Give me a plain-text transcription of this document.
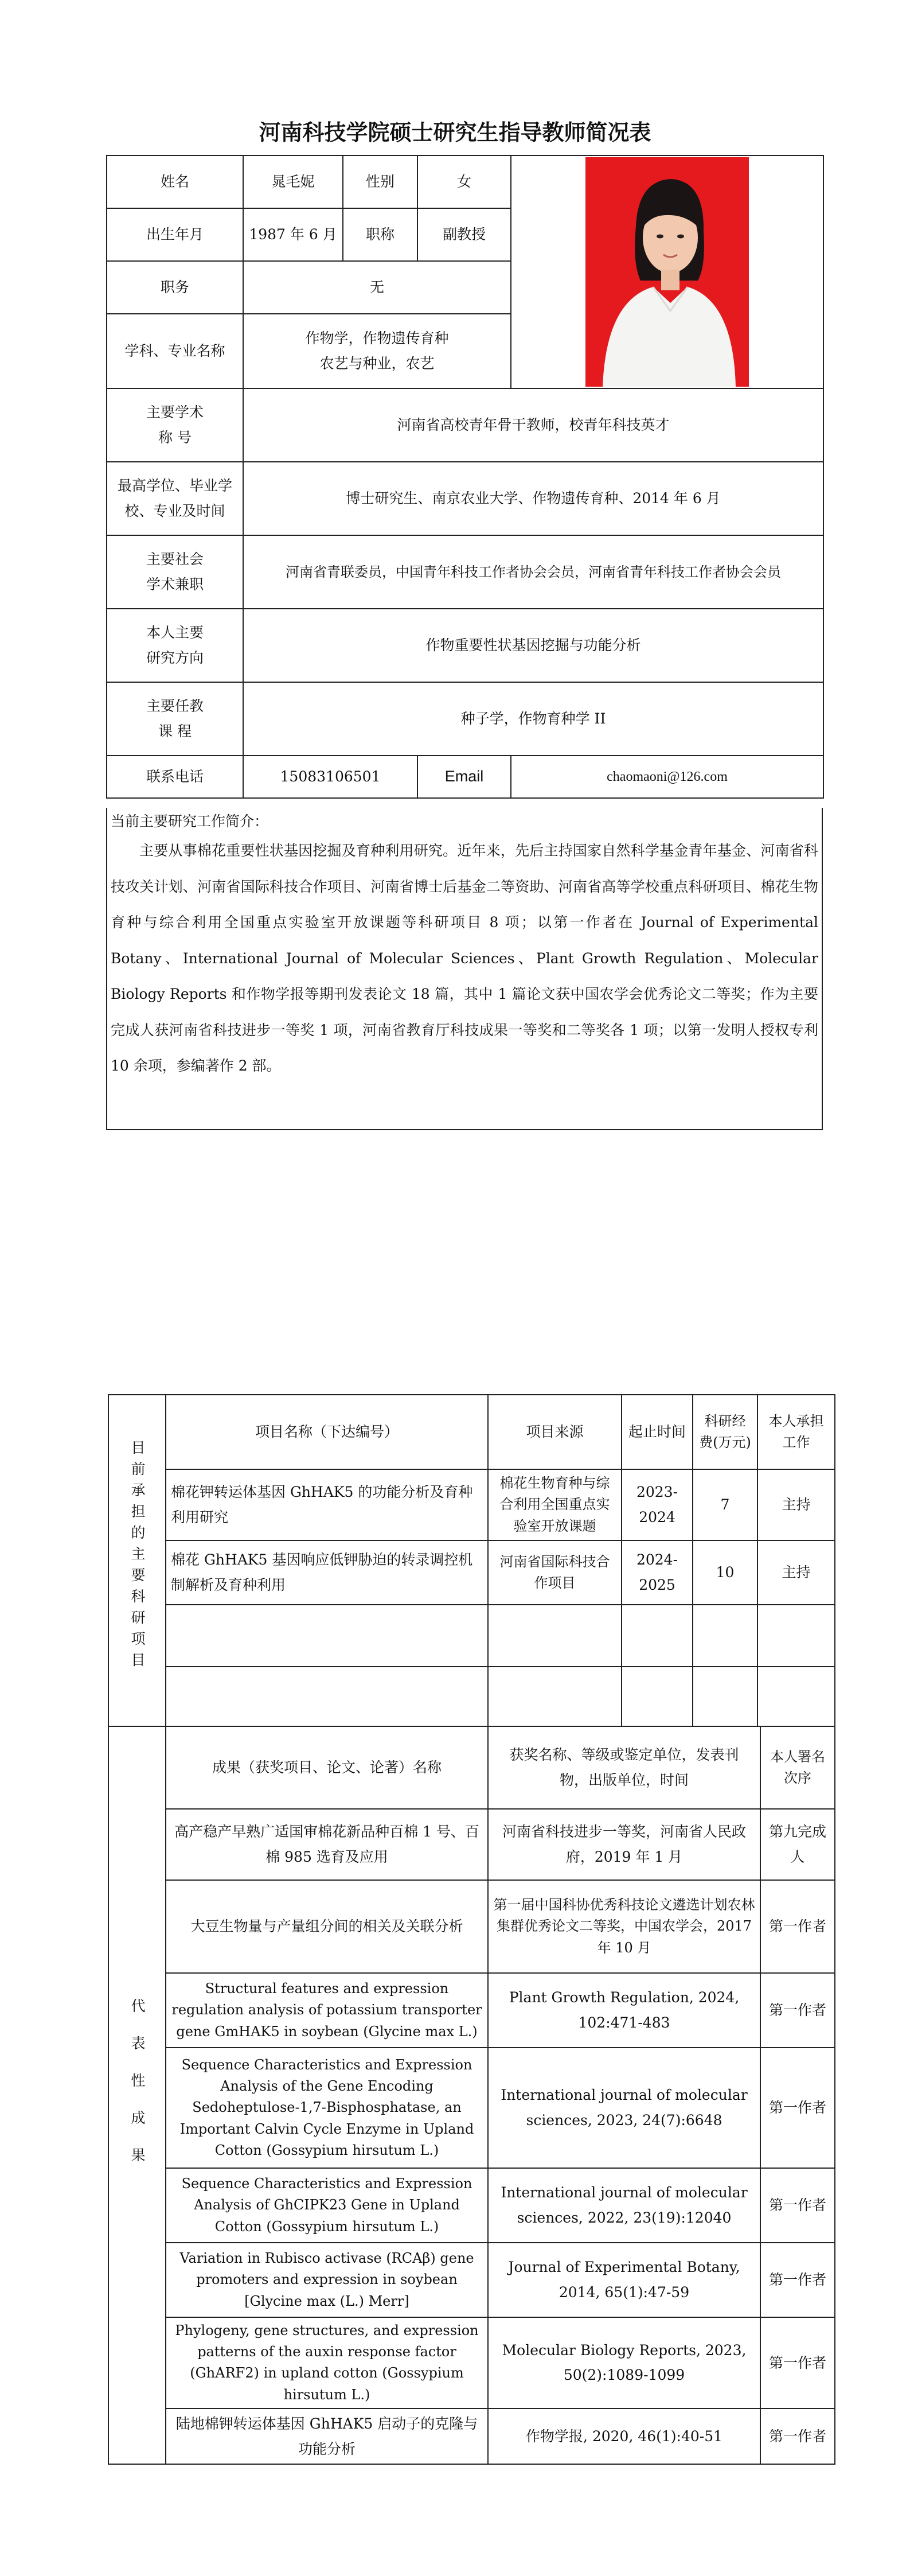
河南科技学院硕士研究生指导教师简况表
姓名	晁毛妮	性别	女	

出生年月	1987 年 6 月	职称	副教授	
职务	无			
学科、专业名称	作物学，作物遗传育种
农艺与种业，农艺			

主要学术
称 号	河南省高校青年骨干教师，校青年科技英才			

最高学位、毕业学
校、专业及时间	博士研究生、南京农业大学、作物遗传育种、2014 年 6 月			

主要社会
学术兼职	河南省青联委员，中国青年科技工作者协会会员，河南省青年科技工作者协会会员			

本人主要
研究方向	作物重要性状基因挖掘与功能分析			

主要任教
课 程	种子学，作物育种学 II			
联系电话	15083106501		Email	chaomaoni@126.com
当前主要研究工作简介：
主要从事棉花重要性状基因挖掘及育种利用研究。近年来，先后主持国家自然科学基金青年基金、河南省科技攻关计划、河南省国际科技合作项目、河南省博士后基金二等资助、河南省高等学校重点科研项目、棉花生物育种与综合利用全国重点实验室开放课题等科研项目 8 项；以第一作者在 Journal of Experimental Botany、International Journal of Molecular Sciences、Plant Growth Regulation、Molecular Biology Reports 和作物学报等期刊发表论文 18 篇，其中 1 篇论文获中国农学会优秀论文二等奖；作为主要完成人获河南省科技进步一等奖 1 项，河南省教育厅科技成果一等奖和二等奖各 1 项；以第一发明人授权专利 10 余项，参编著作 2 部。
目前承担的主要科研项目	项目名称（下达编号）	项目来源	起止时间	科研经费(万元)	本人承担工作
	棉花钾转运体基因 GhHAK5 的功能分析及育种利用研究	棉花生物育种与综合利用全国重点实验室开放课题	2023-2024	7	主持
	棉花 GhHAK5 基因响应低钾胁迫的转录调控机制解析及育种利用	河南省国际科技合作项目	2024-2025	10	主持

代表性成果	成果（获奖项目、论文、论著）名称	获奖名称、等级或鉴定单位，发表刊物，出版单位，时间	本人署名次序
	高产稳产早熟广适国审棉花新品种百棉 1 号、百棉 985 选育及应用	河南省科技进步一等奖，河南省人民政府，2019 年 1 月	第九完成人
	大豆生物量与产量组分间的相关及关联分析	第一届中国科协优秀科技论文遴选计划农林集群优秀论文二等奖，中国农学会，2017 年 10 月	第一作者
	Structural features and expression regulation analysis of potassium transporter gene GmHAK5 in soybean (Glycine max L.)	Plant Growth Regulation, 2024, 102:471-483	第一作者
	Sequence Characteristics and Expression Analysis of the Gene Encoding Sedoheptulose-1,7-Bisphosphatase, an Important Calvin Cycle Enzyme in Upland Cotton (Gossypium hirsutum L.)	International journal of molecular sciences, 2023, 24(7):6648	第一作者
	Sequence Characteristics and Expression Analysis of GhCIPK23 Gene in Upland Cotton (Gossypium hirsutum L.)	International journal of molecular sciences, 2022, 23(19):12040	第一作者
	Variation in Rubisco activase (RCAβ) gene promoters and expression in soybean [Glycine max (L.) Merr]	Journal of Experimental Botany, 2014, 65(1):47-59	第一作者
	Phylogeny, gene structures, and expression patterns of the auxin response factor (GhARF2) in upland cotton (Gossypium hirsutum L.)	Molecular Biology Reports, 2023, 50(2):1089-1099	第一作者
	陆地棉钾转运体基因 GhHAK5 启动子的克隆与功能分析	作物学报, 2020, 46(1):40-51	第一作者
